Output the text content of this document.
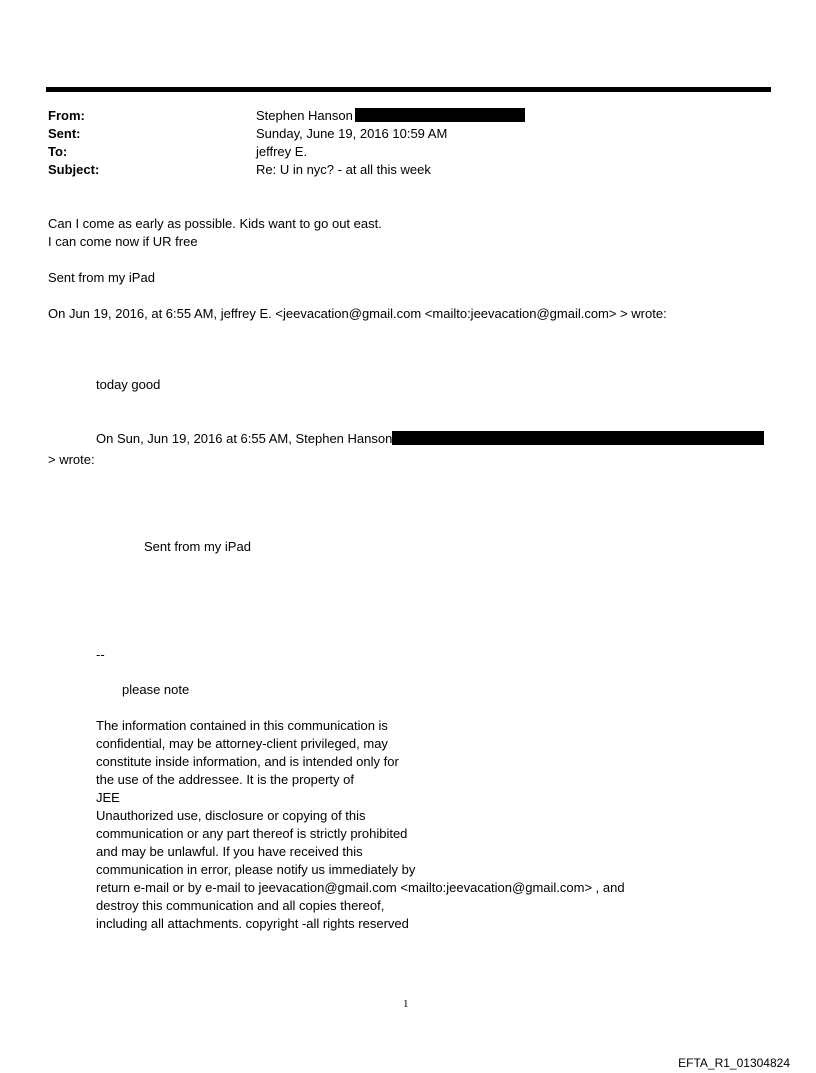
From:	Stephen Hanson
Sent:	Sunday, June 19, 2016 10:59 AM
To:	jeffrey E.
Subject:	Re: U in nyc? - at all this week
Can I come as early as possible. Kids want to go out east.
I can come now if UR free
Sent from my iPad
On Jun 19, 2016, at 6:55 AM, jeffrey E. <jeevacation@gmail.com <mailto:jeevacation@gmail.com> > wrote:
today good
On Sun, Jun 19, 2016 at 6:55 AM, Stephen Hanson
> wrote:
Sent from my iPad
--
please note
The information contained in this communication is
confidential, may be attorney-client privileged, may
constitute inside information, and is intended only for
the use of the addressee. It is the property of
JEE
Unauthorized use, disclosure or copying of this
communication or any part thereof is strictly prohibited
and may be unlawful. If you have received this
communication in error, please notify us immediately by
return e-mail or by e-mail to jeevacation@gmail.com <mailto:jeevacation@gmail.com> , and
destroy this communication and all copies thereof,
including all attachments. copyright -all rights reserved
1
EFTA_R1_01304824
